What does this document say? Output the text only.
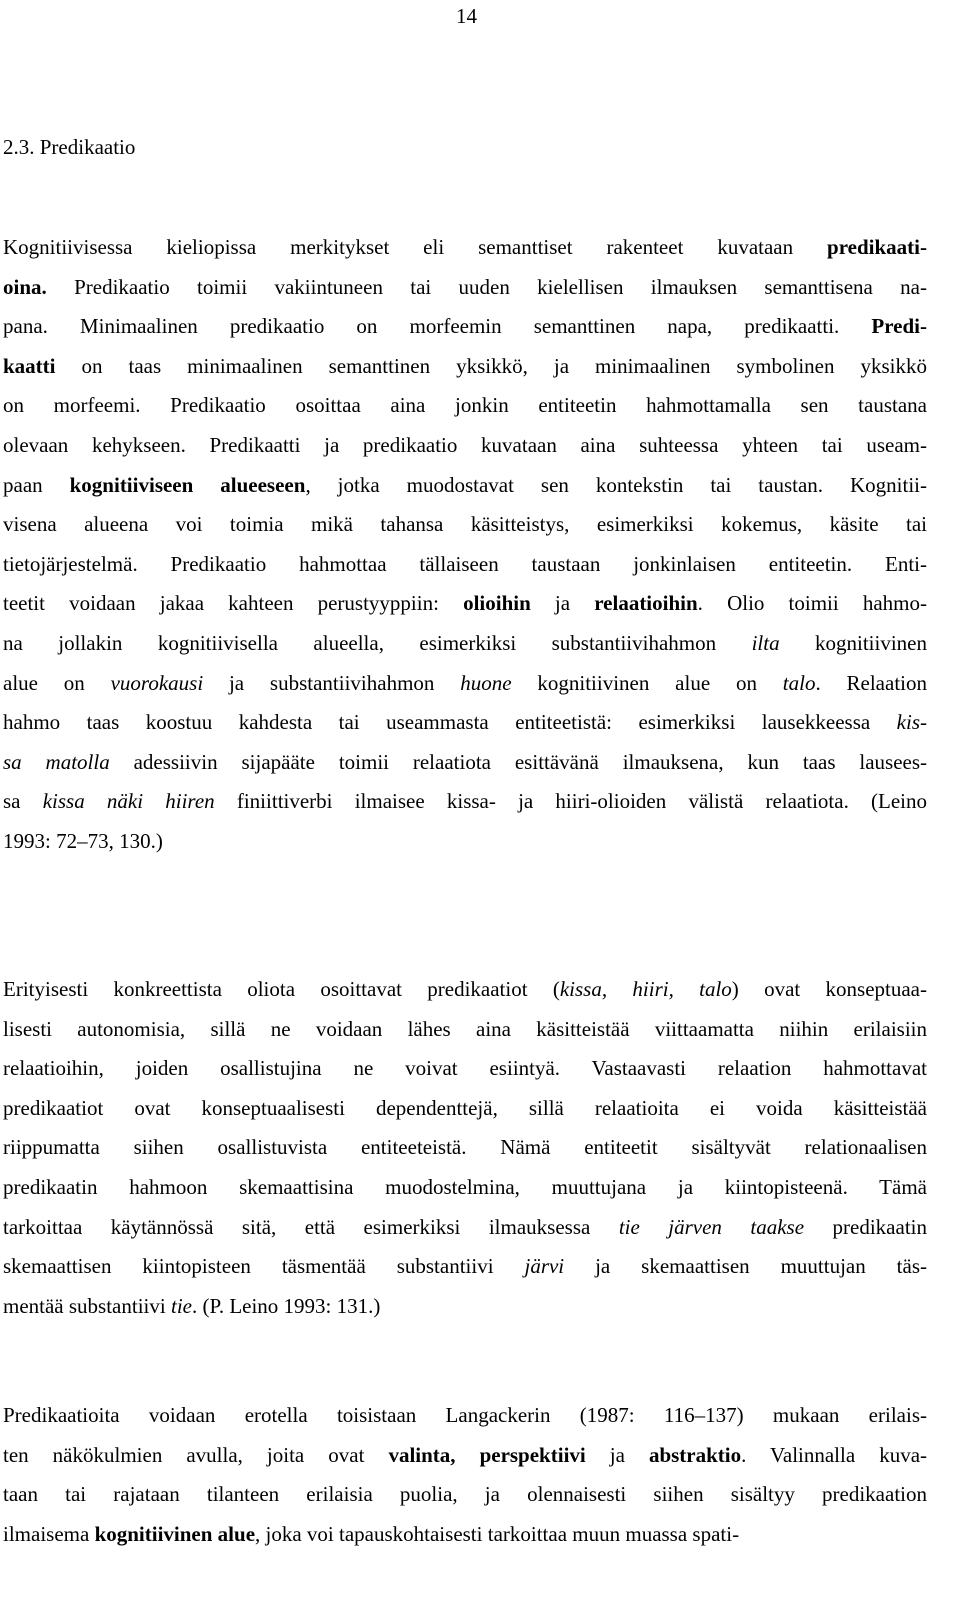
14
2.3. Predikaatio
Kognitiivisessa kieliopissa merkitykset eli semanttiset rakenteet kuvataan predikaati-
oina. Predikaatio toimii vakiintuneen tai uuden kielellisen ilmauksen semanttisena na-
pana. Minimaalinen predikaatio on morfeemin semanttinen napa, predikaatti. Predi-
kaatti on taas minimaalinen semanttinen yksikkö, ja minimaalinen symbolinen yksikkö
on morfeemi. Predikaatio osoittaa aina jonkin entiteetin hahmottamalla sen taustana
olevaan kehykseen. Predikaatti ja predikaatio kuvataan aina suhteessa yhteen tai useam-
paan kognitiiviseen alueeseen, jotka muodostavat sen kontekstin tai taustan. Kognitii-
visena alueena voi toimia mikä tahansa käsitteistys, esimerkiksi kokemus, käsite tai
tietojärjestelmä. Predikaatio hahmottaa tällaiseen taustaan jonkinlaisen entiteetin. Enti-
teetit voidaan jakaa kahteen perustyyppiin: olioihin ja relaatioihin. Olio toimii hahmo-
na jollakin kognitiivisella alueella, esimerkiksi substantiivihahmon ilta kognitiivinen
alue on vuorokausi ja substantiivihahmon huone kognitiivinen alue on talo. Relaation
hahmo taas koostuu kahdesta tai useammasta entiteetistä: esimerkiksi lausekkeessa kis-
sa matolla adessiivin sijapääte toimii relaatiota esittävänä ilmauksena, kun taas lausees-
sa kissa näki hiiren finiittiverbi ilmaisee kissa- ja hiiri-olioiden välistä relaatiota. (Leino
1993: 72–73, 130.)
Erityisesti konkreettista oliota osoittavat predikaatiot (kissa, hiiri, talo) ovat konseptuaa-
lisesti autonomisia, sillä ne voidaan lähes aina käsitteistää viittaamatta niihin erilaisiin
relaatioihin, joiden osallistujina ne voivat esiintyä. Vastaavasti relaation hahmottavat
predikaatiot ovat konseptuaalisesti dependenttejä, sillä relaatioita ei voida käsitteistää
riippumatta siihen osallistuvista entiteeteistä. Nämä entiteetit sisältyvät relationaalisen
predikaatin hahmoon skemaattisina muodostelmina, muuttujana ja kiintopisteenä. Tämä
tarkoittaa käytännössä sitä, että esimerkiksi ilmauksessa tie järven taakse predikaatin
skemaattisen kiintopisteen täsmentää substantiivi järvi ja skemaattisen muuttujan täs-
mentää substantiivi tie. (P. Leino 1993: 131.)
Predikaatioita voidaan erotella toisistaan Langackerin (1987: 116–137) mukaan erilais-
ten näkökulmien avulla, joita ovat valinta, perspektiivi ja abstraktio. Valinnalla kuva-
taan tai rajataan tilanteen erilaisia puolia, ja olennaisesti siihen sisältyy predikaation
ilmaisema kognitiivinen alue, joka voi tapauskohtaisesti tarkoittaa muun muassa spati-
